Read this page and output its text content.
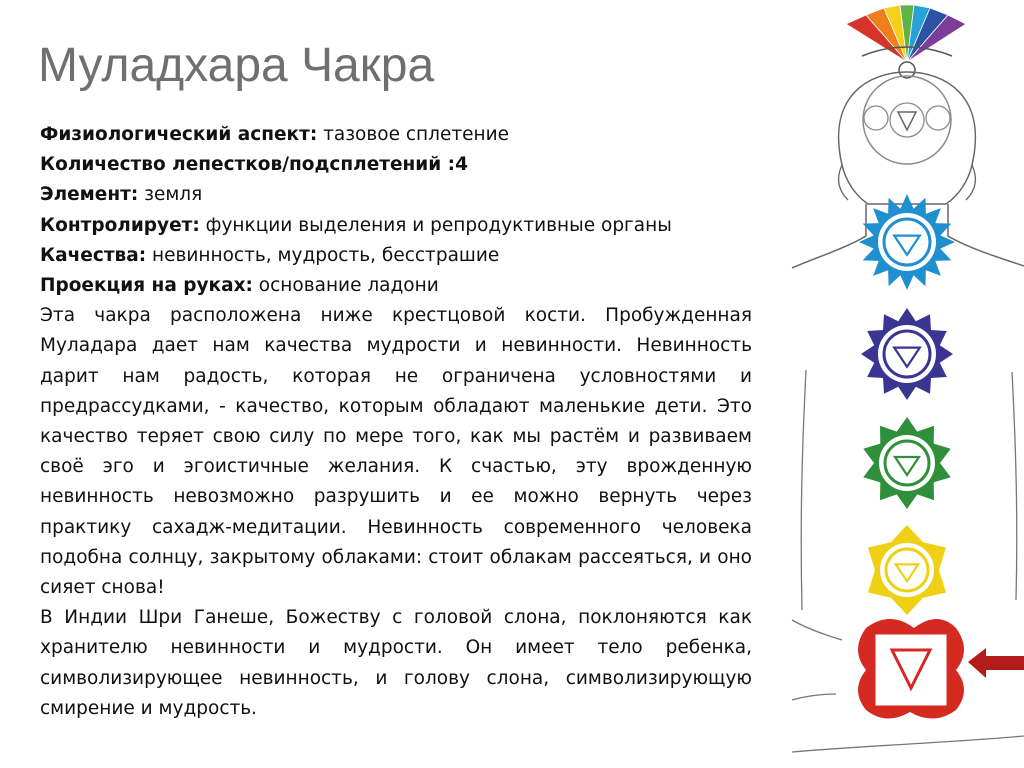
Муладхара Чакра

Физиологический аспект: тазовое сплетение

Количество лепестков/подсплетений :4

Элемент: земля

Контролирует: функции выделения и репродуктивные органы

Качества: невинность, мудрость, бесстрашие

Проекция на руках: основание ладони

Эта чакра расположена ниже крестцовой кости. Пробужденная Муладара дает нам качества мудрости и невинности. Невинность дарит нам радость, которая не ограничена условностями и предрассудками, - качество, которым обладают маленькие дети. Это качество теряет свою силу по мере того, как мы растём и развиваем своё эго и эгоистичные желания. К счастью, эту врожденную невинность невозможно разрушить и ее можно вернуть через практику сахадж-медитации. Невинность современного человека подобна солнцу, закрытому облаками: стоит облакам рассеяться, и оно сияет снова!

В Индии Шри Ганеше, Божеству с головой слона, поклоняются как хранителю невинности и мудрости. Он имеет тело ребенка, символизирующее невинность, и голову слона, символизирующую смирение и мудрость.
